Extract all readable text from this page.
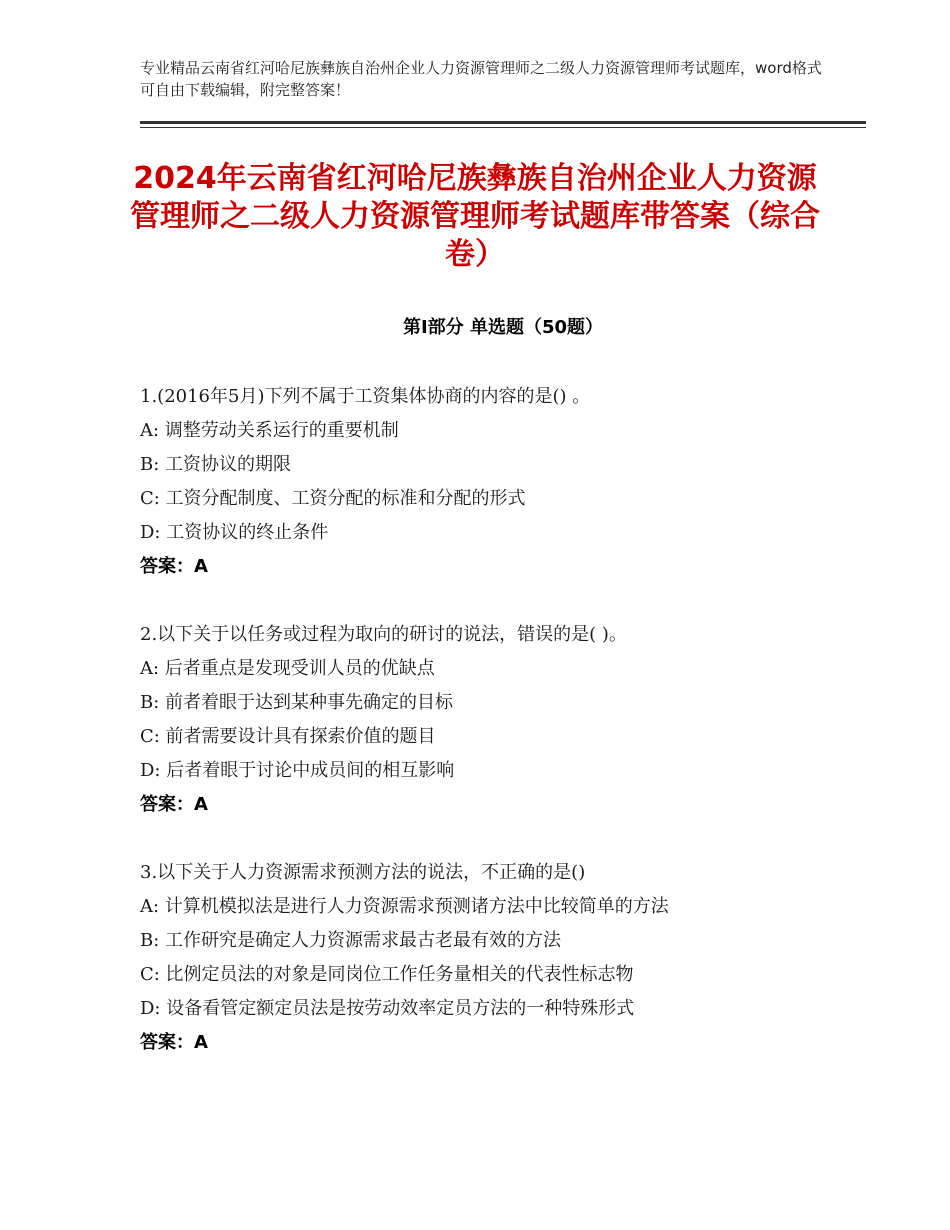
专业精品云南省红河哈尼族彝族自治州企业人力资源管理师之二级人力资源管理师考试题库，word格式可自由下载编辑，附完整答案！
2024年云南省红河哈尼族彝族自治州企业人力资源管理师之二级人力资源管理师考试题库带答案（综合卷）
第Ⅰ部分 单选题（50题）
1.(2016年5月)下列不属于工资集体协商的内容的是() 。
A: 调整劳动关系运行的重要机制
B: 工资协议的期限
C: 工资分配制度、工资分配的标准和分配的形式
D: 工资协议的终止条件
答案：A
2.以下关于以任务或过程为取向的研讨的说法，错误的是( )。
A: 后者重点是发现受训人员的优缺点
B: 前者着眼于达到某种事先确定的目标
C: 前者需要设计具有探索价值的题目
D: 后者着眼于讨论中成员间的相互影响
答案：A
3.以下关于人力资源需求预测方法的说法，不正确的是()
A: 计算机模拟法是进行人力资源需求预测诸方法中比较简单的方法
B: 工作研究是确定人力资源需求最古老最有效的方法
C: 比例定员法的对象是同岗位工作任务量相关的代表性标志物
D: 设备看管定额定员法是按劳动效率定员方法的一种特殊形式
答案：A
